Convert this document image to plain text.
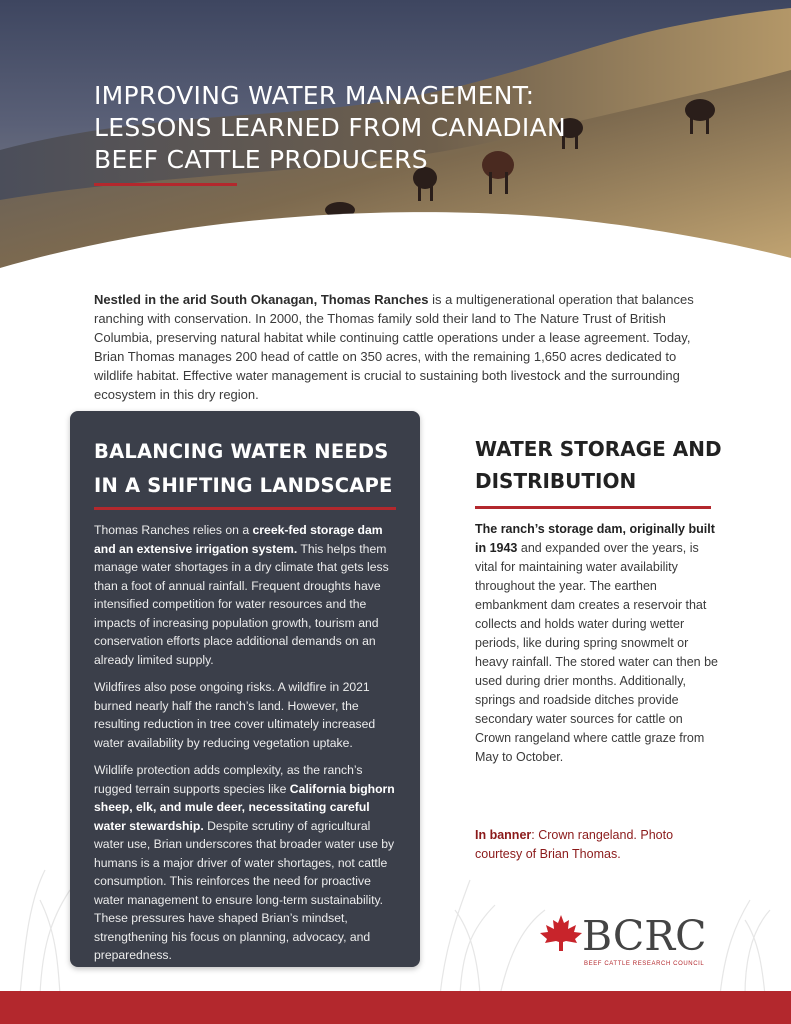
IMPROVING WATER MANAGEMENT:
LESSONS LEARNED FROM CANADIAN
BEEF CATTLE PRODUCERS

Nestled in the arid South Okanagan, Thomas Ranches is a multigenerational operation that balances ranching with conservation. In 2000, the Thomas family sold their land to The Nature Trust of British Columbia, preserving natural habitat while continuing cattle operations under a lease agreement. Today, Brian Thomas manages 200 head of cattle on 350 acres, with the remaining 1,650 acres dedicated to wildlife habitat. Effective water management is crucial to sustaining both livestock and the surrounding ecosystem in this dry region.

BALANCING WATER NEEDS IN A SHIFTING LANDSCAPE

Thomas Ranches relies on a creek-fed storage dam and an extensive irrigation system. This helps them manage water shortages in a dry climate that gets less than a foot of annual rainfall. Frequent droughts have intensified competition for water resources and the impacts of increasing population growth, tourism and conservation efforts place additional demands on an already limited supply.

Wildfires also pose ongoing risks. A wildfire in 2021 burned nearly half the ranch’s land. However, the resulting reduction in tree cover ultimately increased water availability by reducing vegetation uptake.

Wildlife protection adds complexity, as the ranch’s rugged terrain supports species like California bighorn sheep, elk, and mule deer, necessitating careful water stewardship. Despite scrutiny of agricultural water use, Brian underscores that broader water use by humans is a major driver of water shortages, not cattle consumption. This reinforces the need for proactive water management to ensure long-term sustainability. These pressures have shaped Brian’s mindset, strengthening his focus on planning, advocacy, and preparedness.

WATER STORAGE AND DISTRIBUTION

The ranch’s storage dam, originally built in 1943 and expanded over the years, is vital for maintaining water availability throughout the year. The earthen embankment dam creates a reservoir that collects and holds water during wetter periods, like during spring snowmelt or heavy rainfall. The stored water can then be used during drier months. Additionally, springs and roadside ditches provide secondary water sources for cattle on Crown rangeland where cattle graze from May to October.

In banner: Crown rangeland. Photo courtesy of Brian Thomas.

BCRC
BEEF CATTLE RESEARCH COUNCIL
